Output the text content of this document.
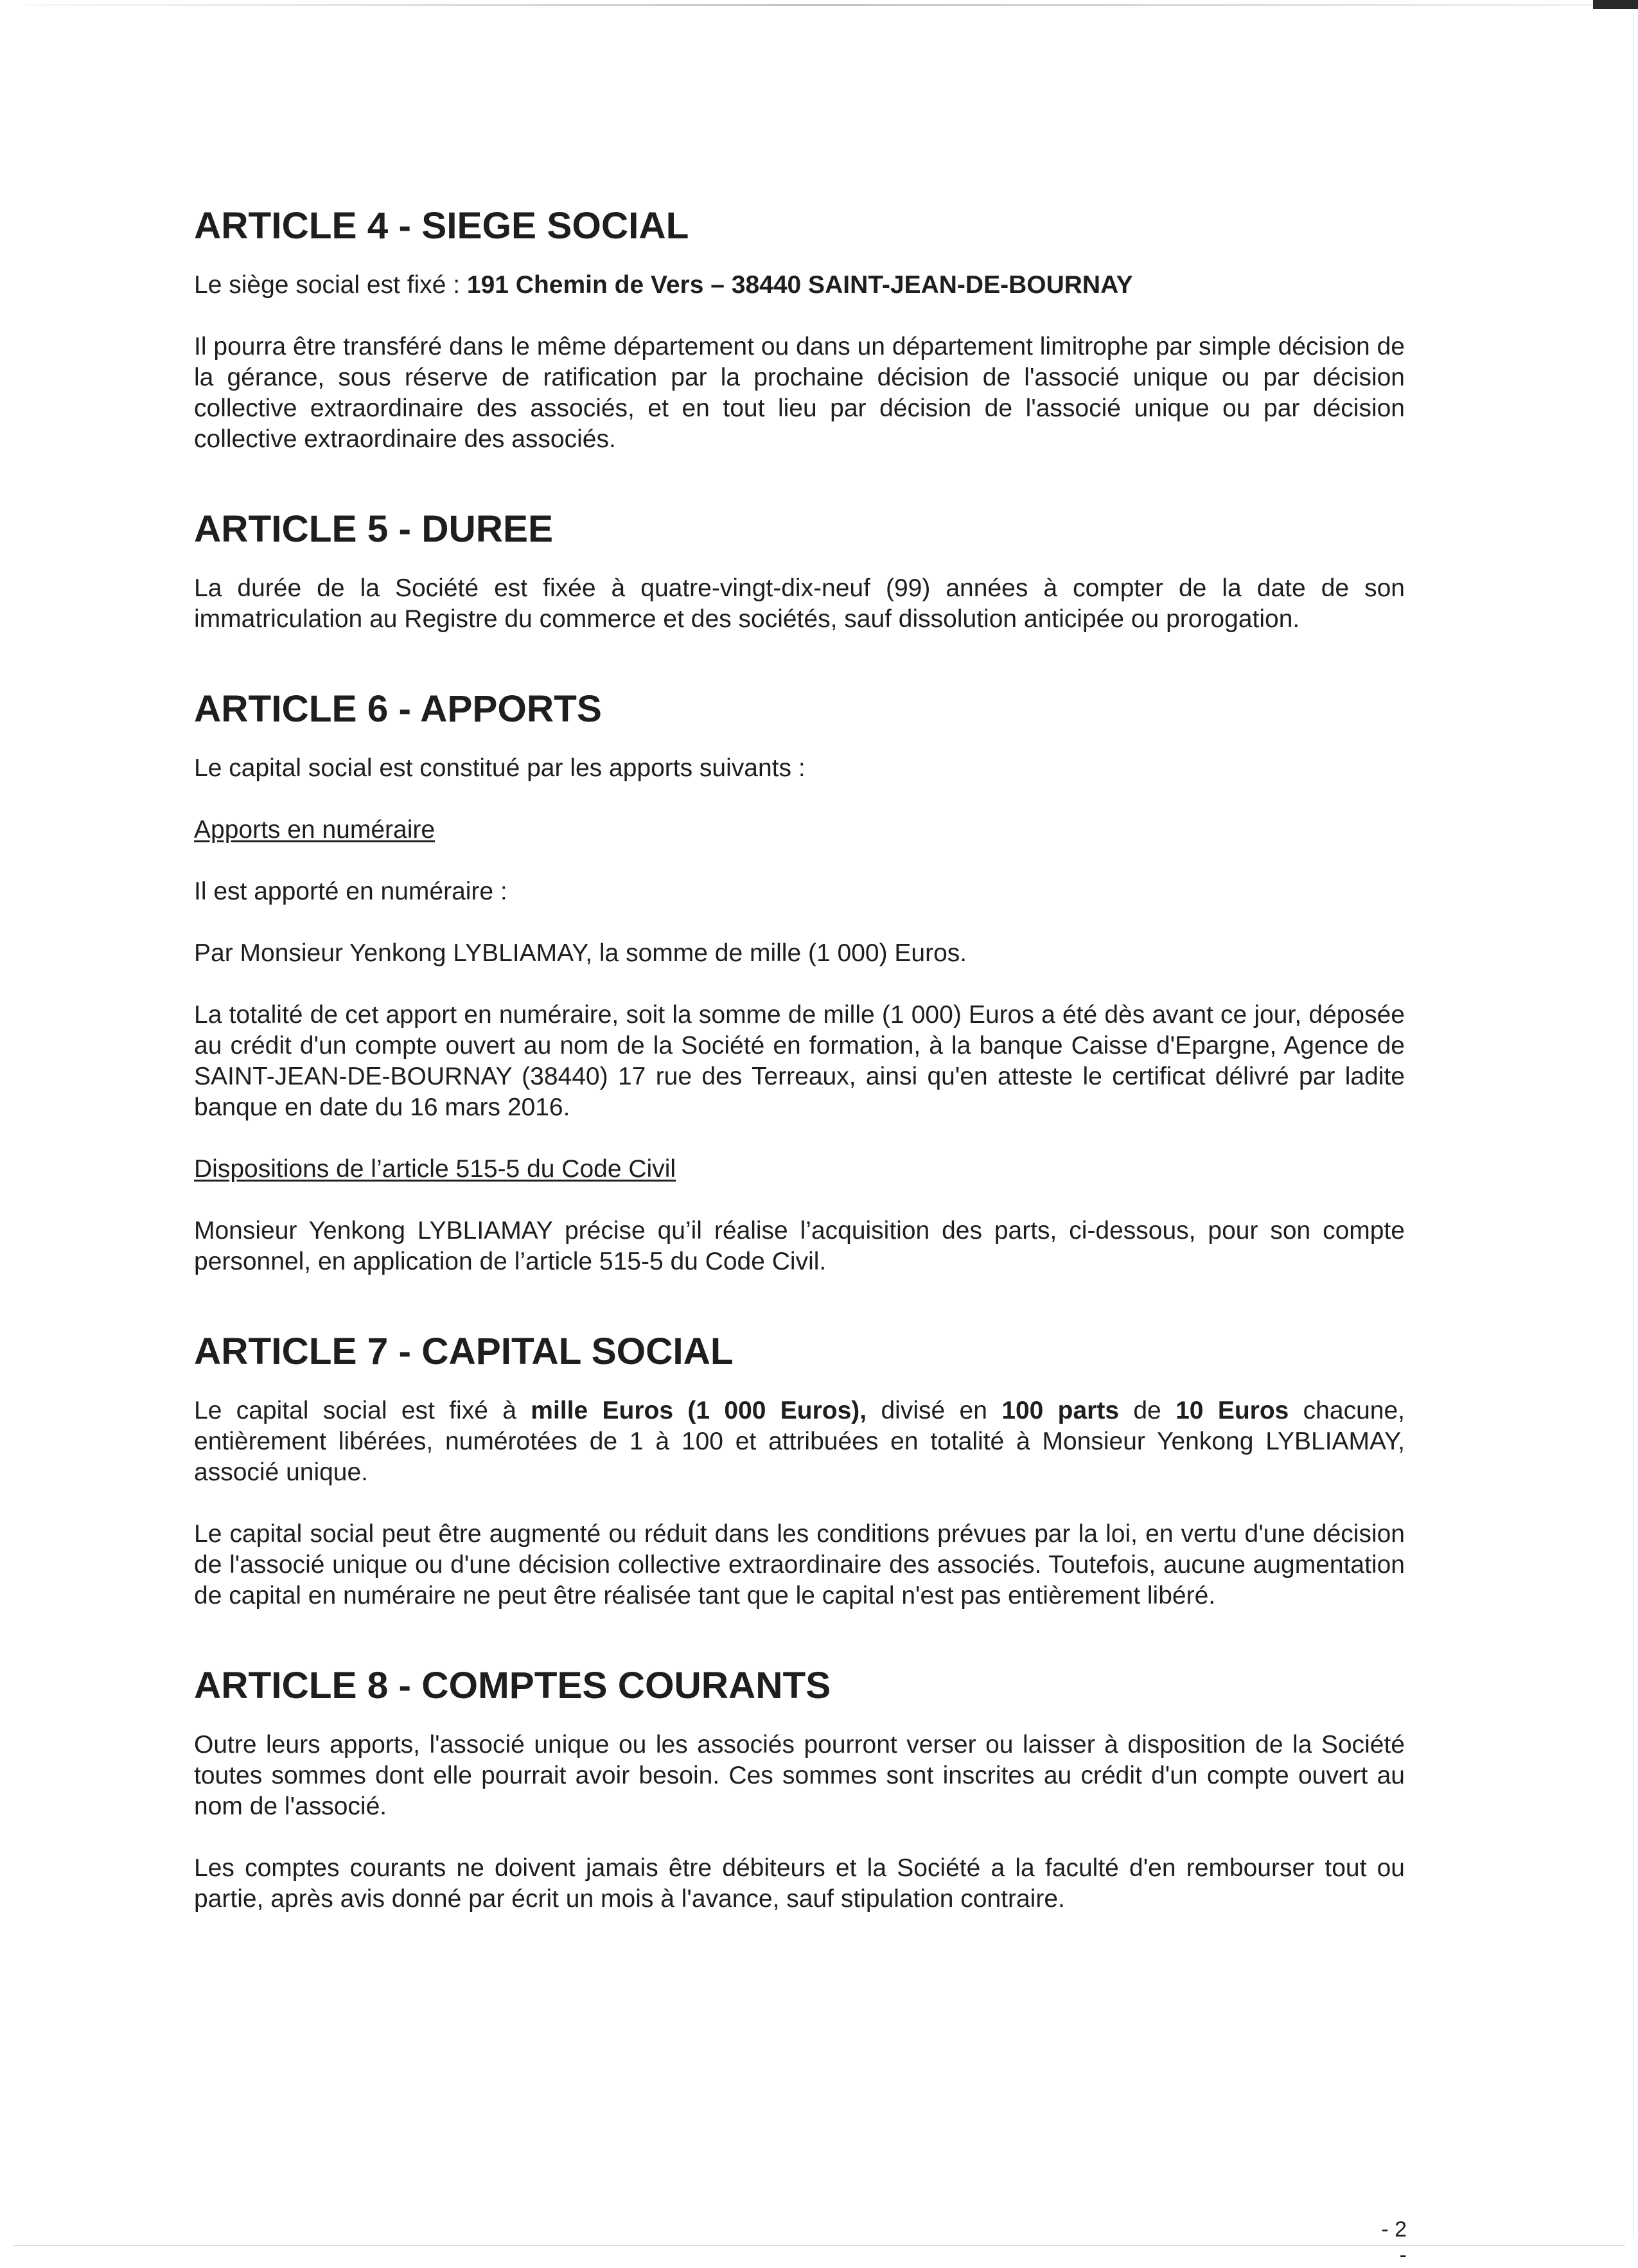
ARTICLE 4 - SIEGE SOCIAL

Le siège social est fixé : 191 Chemin de Vers – 38440 SAINT-JEAN-DE-BOURNAY

Il pourra être transféré dans le même département ou dans un département limitrophe par simple décision de la gérance, sous réserve de ratification par la prochaine décision de l'associé unique ou par décision collective extraordinaire des associés, et en tout lieu par décision de l'associé unique ou par décision collective extraordinaire des associés.

ARTICLE 5 - DUREE

La durée de la Société est fixée à quatre-vingt-dix-neuf (99) années à compter de la date de son immatriculation au Registre du commerce et des sociétés, sauf dissolution anticipée ou prorogation.

ARTICLE 6 - APPORTS

Le capital social est constitué par les apports suivants :

Apports en numéraire

Il est apporté en numéraire :

Par Monsieur Yenkong LYBLIAMAY, la somme de mille (1 000) Euros.

La totalité de cet apport en numéraire, soit la somme de mille (1 000) Euros a été dès avant ce jour, déposée au crédit d'un compte ouvert au nom de la Société en formation, à la banque Caisse d'Epargne, Agence de SAINT-JEAN-DE-BOURNAY (38440) 17 rue des Terreaux, ainsi qu'en atteste le certificat délivré par ladite banque en date du 16 mars 2016.

Dispositions de l’article 515-5 du Code Civil

Monsieur Yenkong LYBLIAMAY précise qu’il réalise l’acquisition des parts, ci-dessous, pour son compte personnel, en application de l’article 515-5 du Code Civil.

ARTICLE 7 - CAPITAL SOCIAL

Le capital social est fixé à mille Euros (1 000 Euros), divisé en 100 parts de 10 Euros chacune, entièrement libérées, numérotées de 1 à 100 et attribuées en totalité à Monsieur Yenkong LYBLIAMAY, associé unique.

Le capital social peut être augmenté ou réduit dans les conditions prévues par la loi, en vertu d'une décision de l'associé unique ou d'une décision collective extraordinaire des associés. Toutefois, aucune augmentation de capital en numéraire ne peut être réalisée tant que le capital n'est pas entièrement libéré.

ARTICLE 8 - COMPTES COURANTS

Outre leurs apports, l'associé unique ou les associés pourront verser ou laisser à disposition de la Société toutes sommes dont elle pourrait avoir besoin. Ces sommes sont inscrites au crédit d'un compte ouvert au nom de l'associé.

Les comptes courants ne doivent jamais être débiteurs et la Société a la faculté d'en rembourser tout ou partie, après avis donné par écrit un mois à l'avance, sauf stipulation contraire.

- 2 -
